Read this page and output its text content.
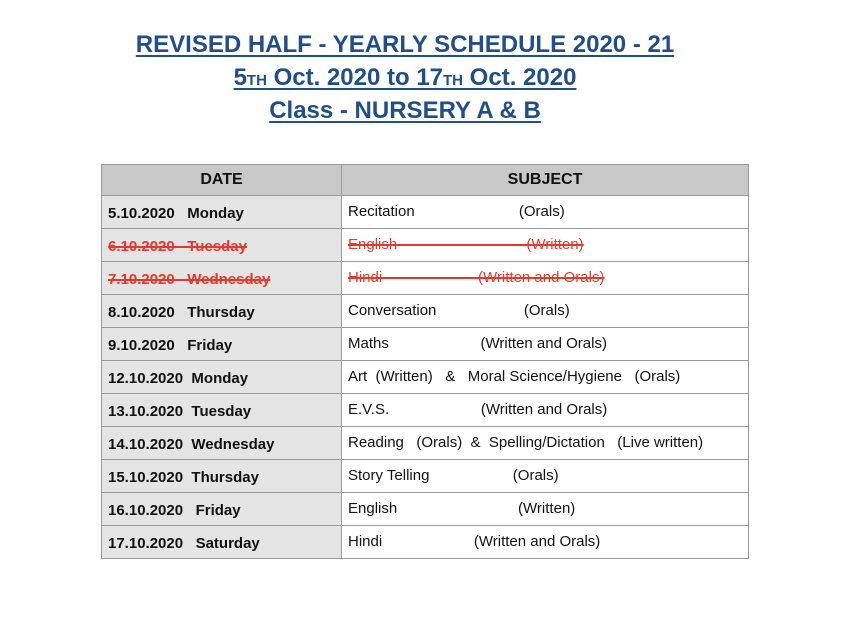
REVISED HALF - YEARLY SCHEDULE 2020 - 21
5TH Oct. 2020 to 17TH Oct. 2020
Class - NURSERY A & B
DATE	SUBJECT
5.10.2020   Monday	Recitation                         (Orals)
6.10.2020   Tuesday	English                               (Written)
7.10.2020   Wednesday	Hindi                       (Written and Orals)
8.10.2020   Thursday	Conversation                     (Orals)
9.10.2020   Friday	Maths                      (Written and Orals)
12.10.2020  Monday	Art  (Written)   &   Moral Science/Hygiene   (Orals)
13.10.2020  Tuesday	E.V.S.                      (Written and Orals)
14.10.2020  Wednesday	Reading   (Orals)  &  Spelling/Dictation   (Live written)
15.10.2020  Thursday	Story Telling                    (Orals)
16.10.2020   Friday	English                             (Written)
17.10.2020   Saturday	Hindi                      (Written and Orals)
